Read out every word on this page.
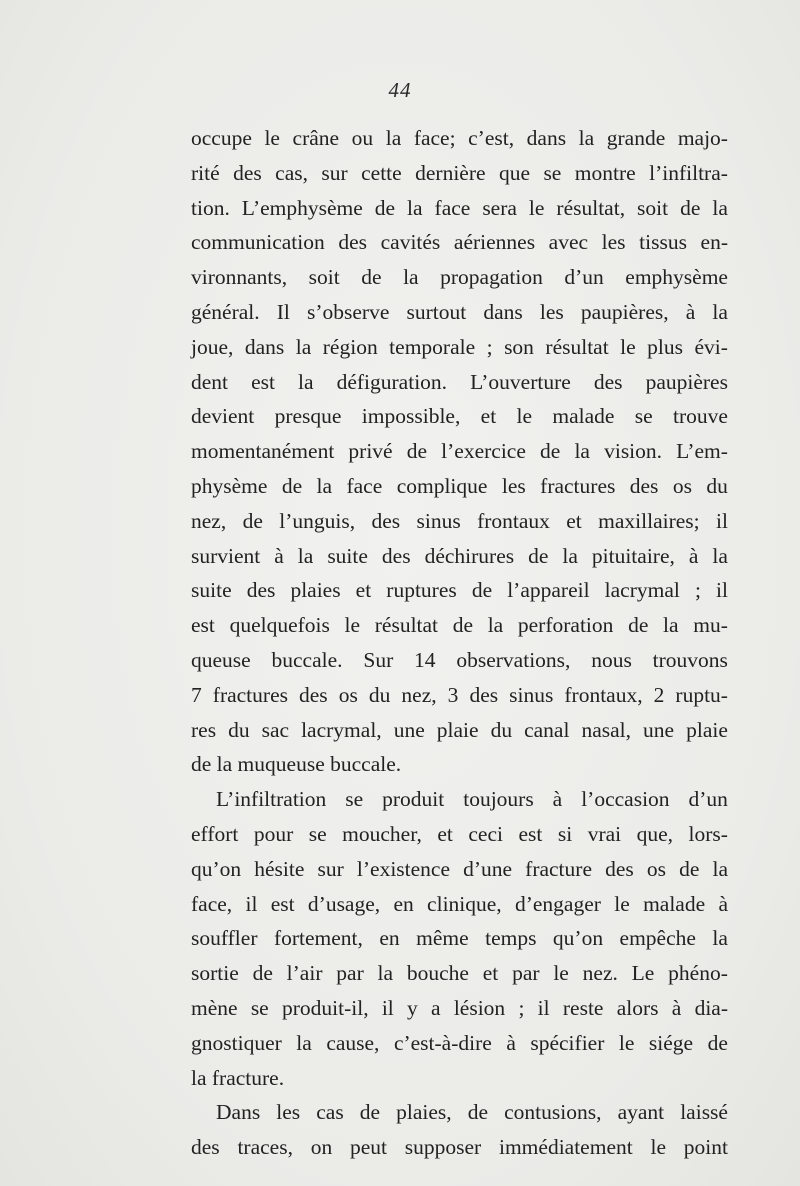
44
occupe le crâne ou la face; c’est, dans la grande majo-
rité des cas, sur cette dernière que se montre l’infiltra-
tion. L’emphysème de la face sera le résultat, soit de la
communication des cavités aériennes avec les tissus en-
vironnants, soit de la propagation d’un emphysème
général. Il s’observe surtout dans les paupières, à la
joue, dans la région temporale ; son résultat le plus évi-
dent est la défiguration. L’ouverture des paupières
devient presque impossible, et le malade se trouve
momentanément privé de l’exercice de la vision. L’em-
physème de la face complique les fractures des os du
nez, de l’unguis, des sinus frontaux et maxillaires; il
survient à la suite des déchirures de la pituitaire, à la
suite des plaies et ruptures de l’appareil lacrymal ; il
est quelquefois le résultat de la perforation de la mu-
queuse buccale. Sur 14 observations, nous trouvons
7 fractures des os du nez, 3 des sinus frontaux, 2 ruptu-
res du sac lacrymal, une plaie du canal nasal, une plaie
de la muqueuse buccale.
L’infiltration se produit toujours à l’occasion d’un
effort pour se moucher, et ceci est si vrai que, lors-
qu’on hésite sur l’existence d’une fracture des os de la
face, il est d’usage, en clinique, d’engager le malade à
souffler fortement, en même temps qu’on empêche la
sortie de l’air par la bouche et par le nez. Le phéno-
mène se produit-il, il y a lésion ; il reste alors à dia-
gnostiquer la cause, c’est-à-dire à spécifier le siége de
la fracture.
Dans les cas de plaies, de contusions, ayant laissé
des traces, on peut supposer immédiatement le point
